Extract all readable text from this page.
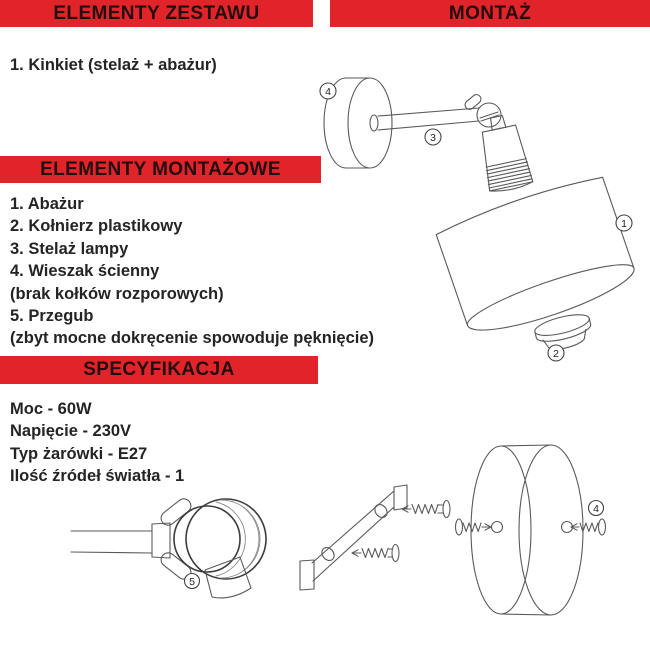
ELEMENTY ZESTAWU	MONTAŻ
ELEMENTY MONTAŻOWE
SPECYFIKACJA
1. Kinkiet (stelaż + abażur)
1. Abażur
2. Kołnierz plastikowy
3. Stelaż lampy
4. Wieszak ścienny
(brak kołków rozporowych)
5. Przegub
(zbyt mocne dokręcenie spowoduje pęknięcie)
Moc - 60W
Napięcie - 230V
Typ żarówki - E27
Ilość źródeł światła - 1
4
3
1
2
5
4
